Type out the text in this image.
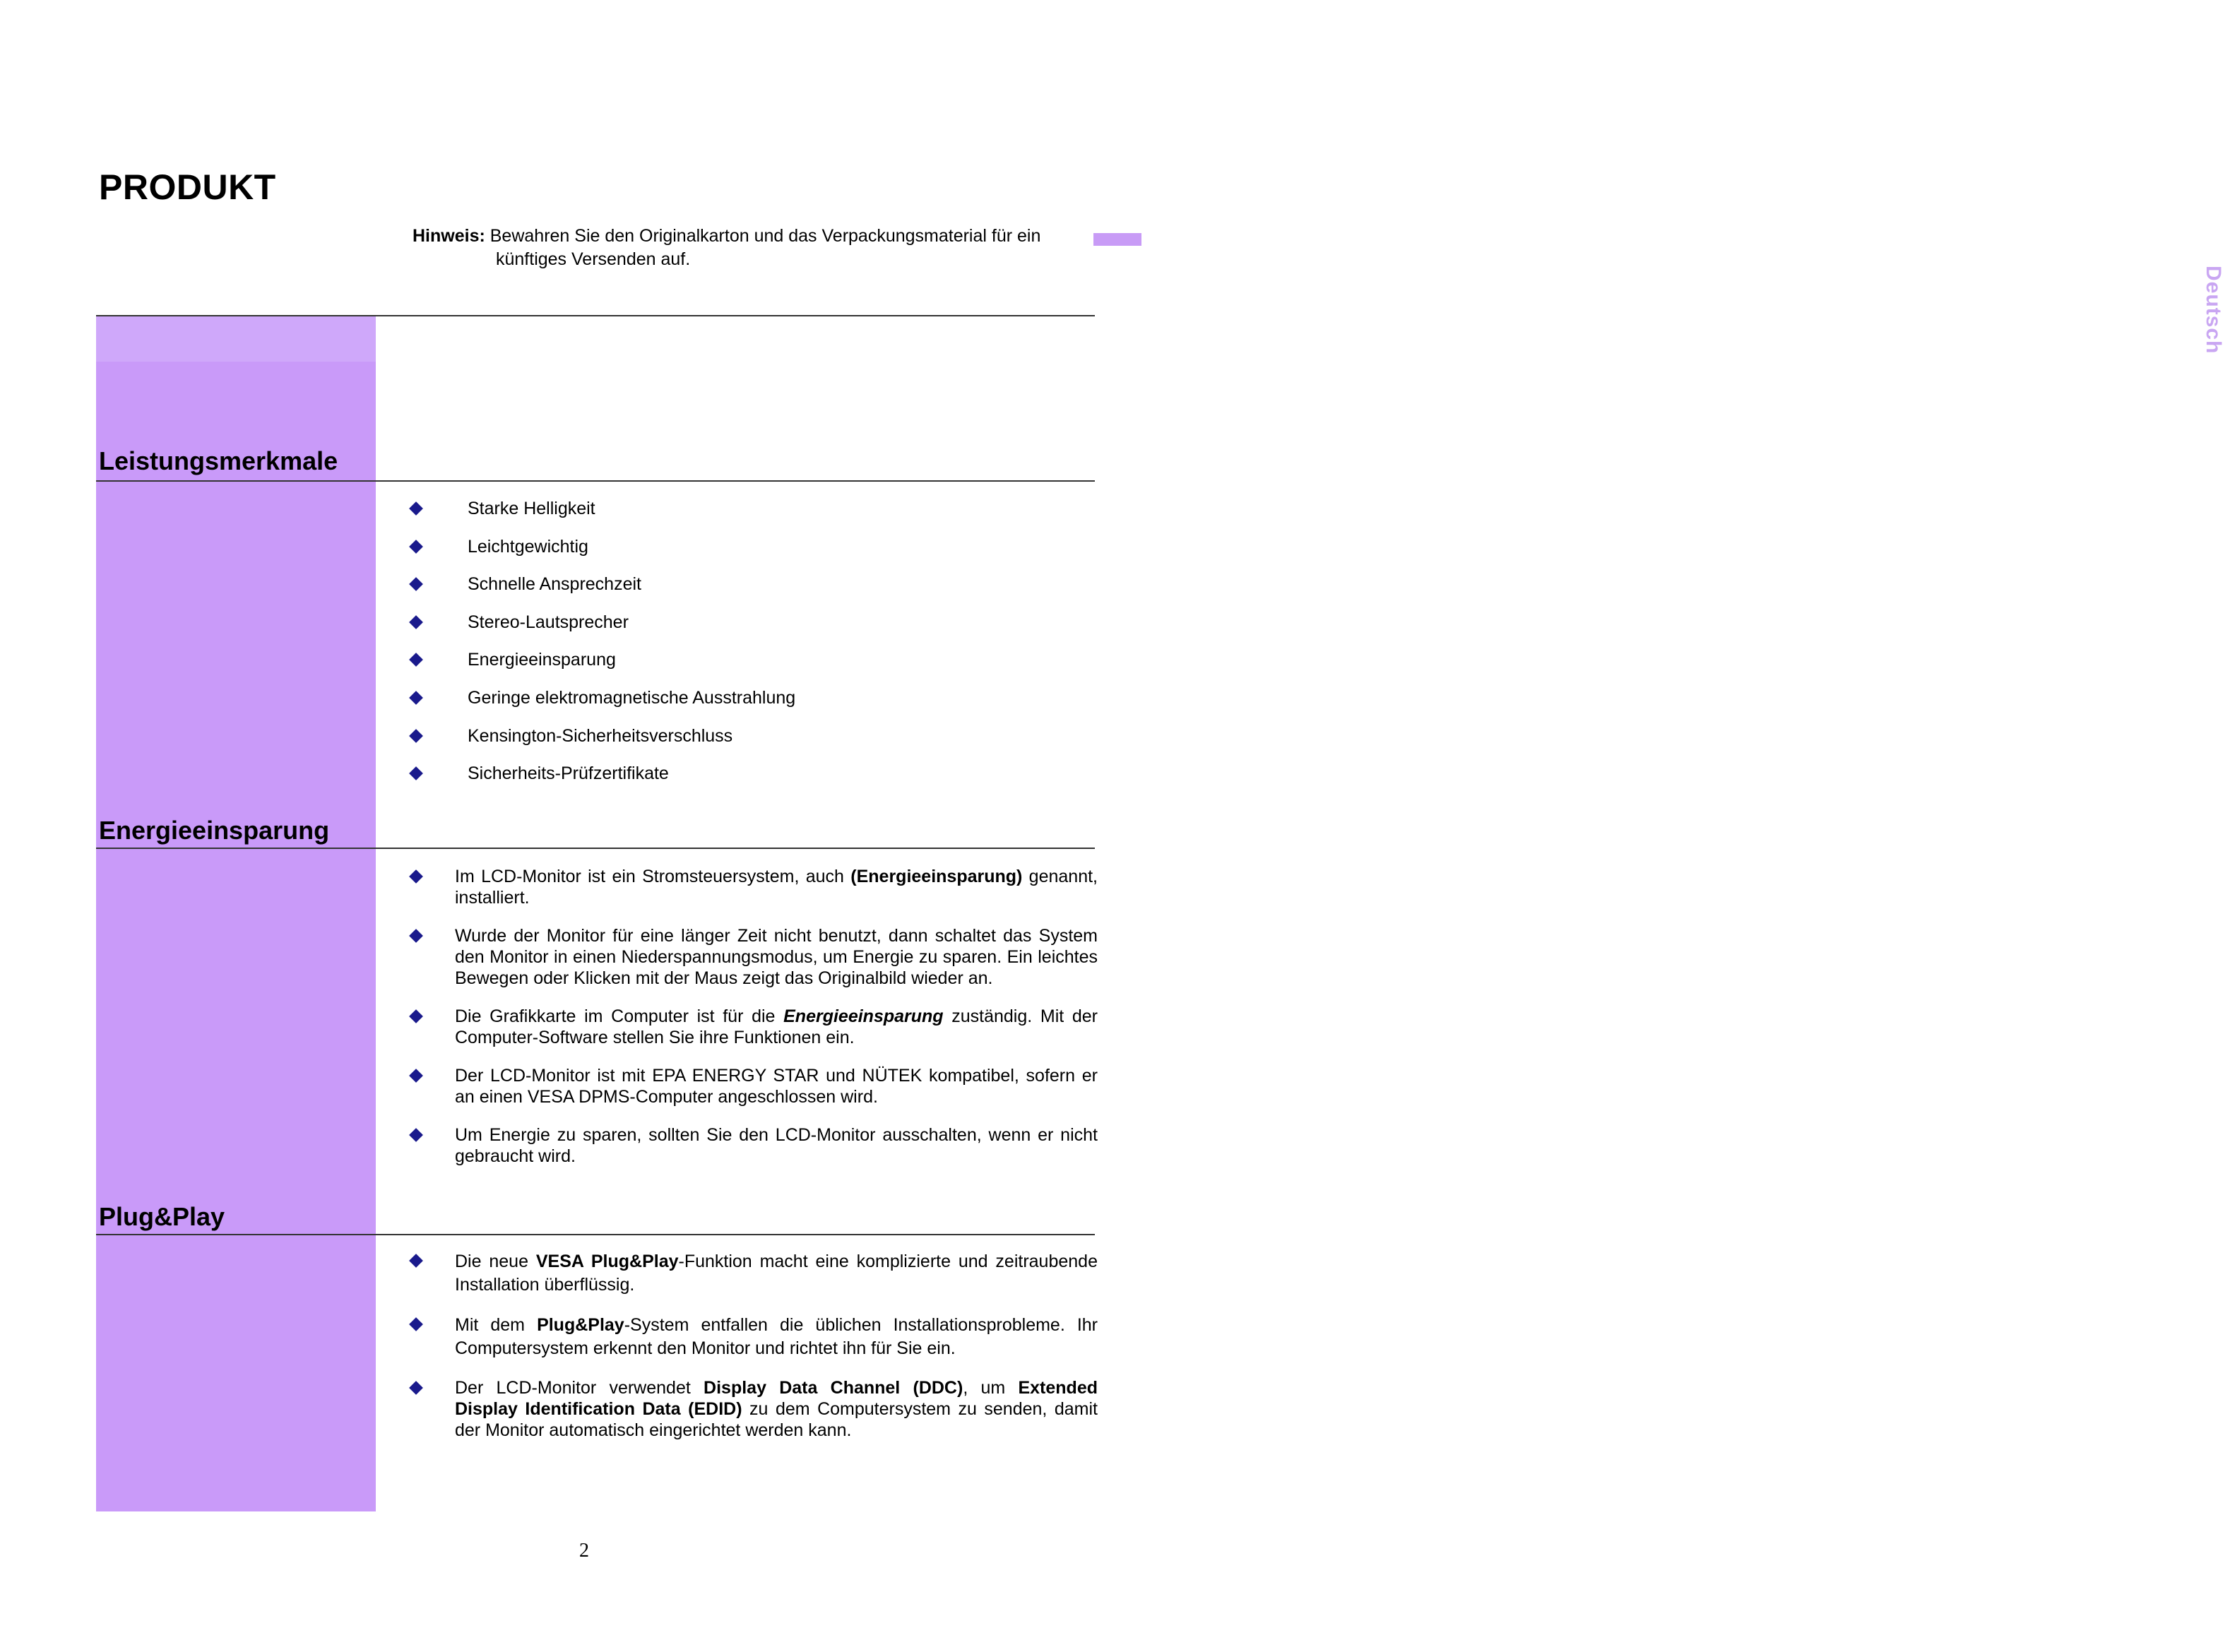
PRODUKT
Deutsch
Hinweis: Bewahren Sie den Originalkarton und das Verpackungsmaterial für ein
künftiges Versenden auf.
Leistungsmerkmale
Starke Helligkeit
Leichtgewichtig
Schnelle Ansprechzeit
Stereo-Lautsprecher
Energieeinsparung
Geringe elektromagnetische Ausstrahlung
Kensington-Sicherheitsverschluss
Sicherheits-Prüfzertifikate
Energieeinsparung
Im LCD-Monitor ist ein Stromsteuersystem, auch (Energieeinsparung) genannt, installiert.
Wurde der Monitor für eine länger Zeit nicht benutzt, dann schaltet das System den Monitor in einen Niederspannungsmodus, um Energie zu sparen. Ein leichtes Bewegen oder Klicken mit der Maus zeigt das Originalbild wieder an.
Die Grafikkarte im Computer ist für die Energieeinsparung zuständig. Mit der Computer-Software stellen Sie ihre Funktionen ein.
Der LCD-Monitor ist mit EPA ENERGY STAR und NÜTEK kompatibel, sofern er an einen VESA DPMS-Computer angeschlossen wird.
Um Energie zu sparen, sollten Sie den LCD-Monitor ausschalten, wenn er nicht gebraucht wird.
Plug&Play
Die neue VESA Plug&Play-Funktion macht eine komplizierte und zeitraubende Installation überflüssig.
Mit dem Plug&Play-System entfallen die üblichen Installationsprobleme. Ihr Computersystem erkennt den Monitor und richtet ihn für Sie ein.
Der LCD-Monitor verwendet Display Data Channel (DDC), um Extended Display Identification Data (EDID) zu dem Computersystem zu senden, damit der Monitor automatisch eingerichtet werden kann.
2
